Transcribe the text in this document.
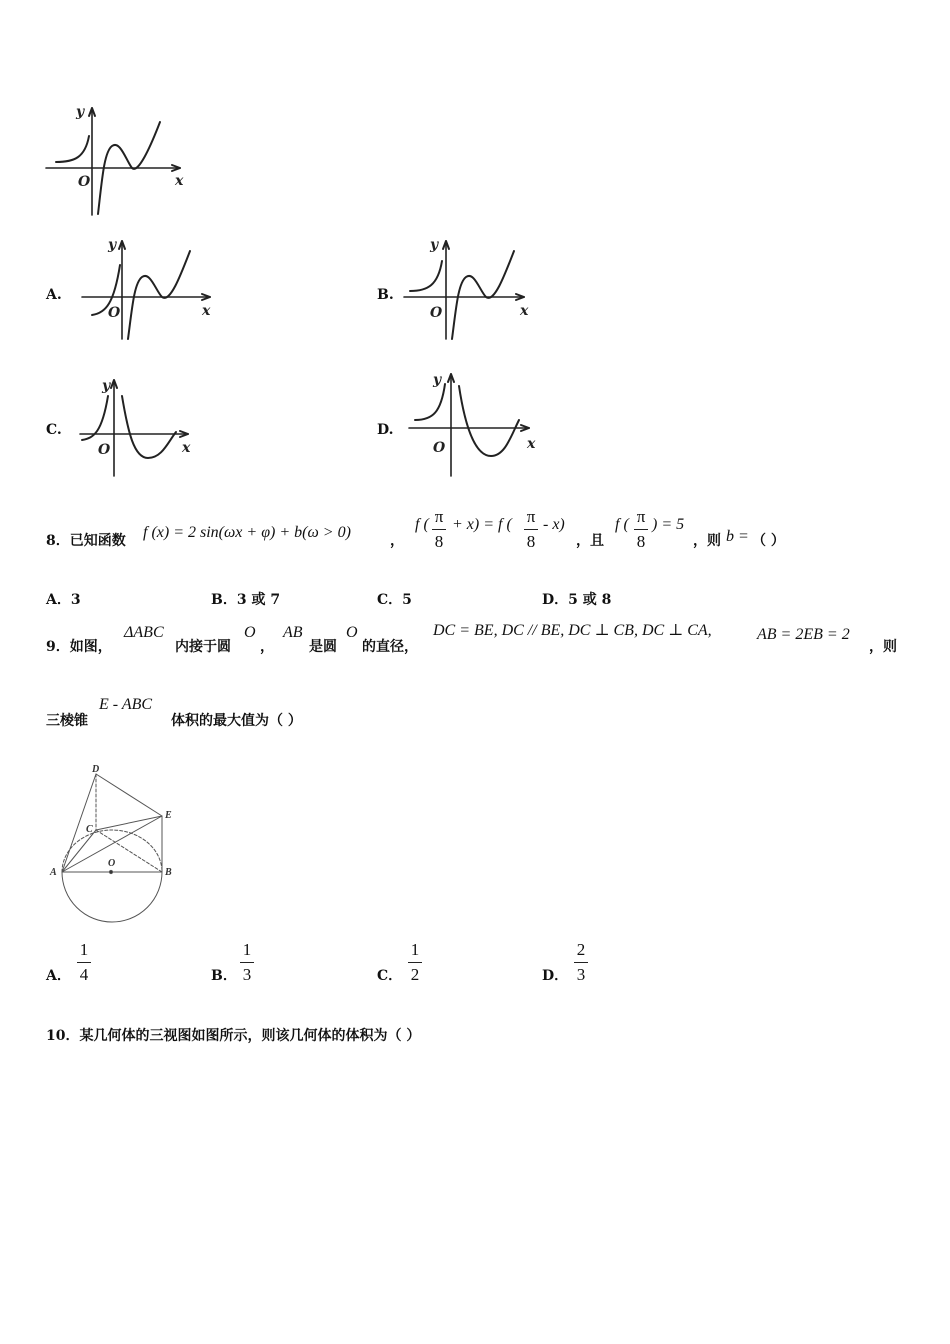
y
x
O
A.
y
x
O
B.
y
x
O
C.
y
x
O
D.
y
x
O
8．已知函数 f (x) = 2 sin(ωx + φ) + b(ω > 0)	，
f ( π
8
+ x) = f ( π
8
- x)
，且
f ( π
8
) = 5
，则 b = （ ）
A．3	B．3 或 7	C．5	D．5 或 8
9．如图，
ΔABC
内接于圆
O
，
AB
是圆
O
的直径，
DC = BE, DC // BE, DC ⊥ CB, DC ⊥ CA,	AB = 2EB = 2
，则
三棱锥
E - ABC
体积的最大值为（ ）
D
E
C
A	B
O
A．
1
4	B．
1
3	C．
1
2	D．
2
3
10．某几何体的三视图如图所示，则该几何体的体积为（ ）
